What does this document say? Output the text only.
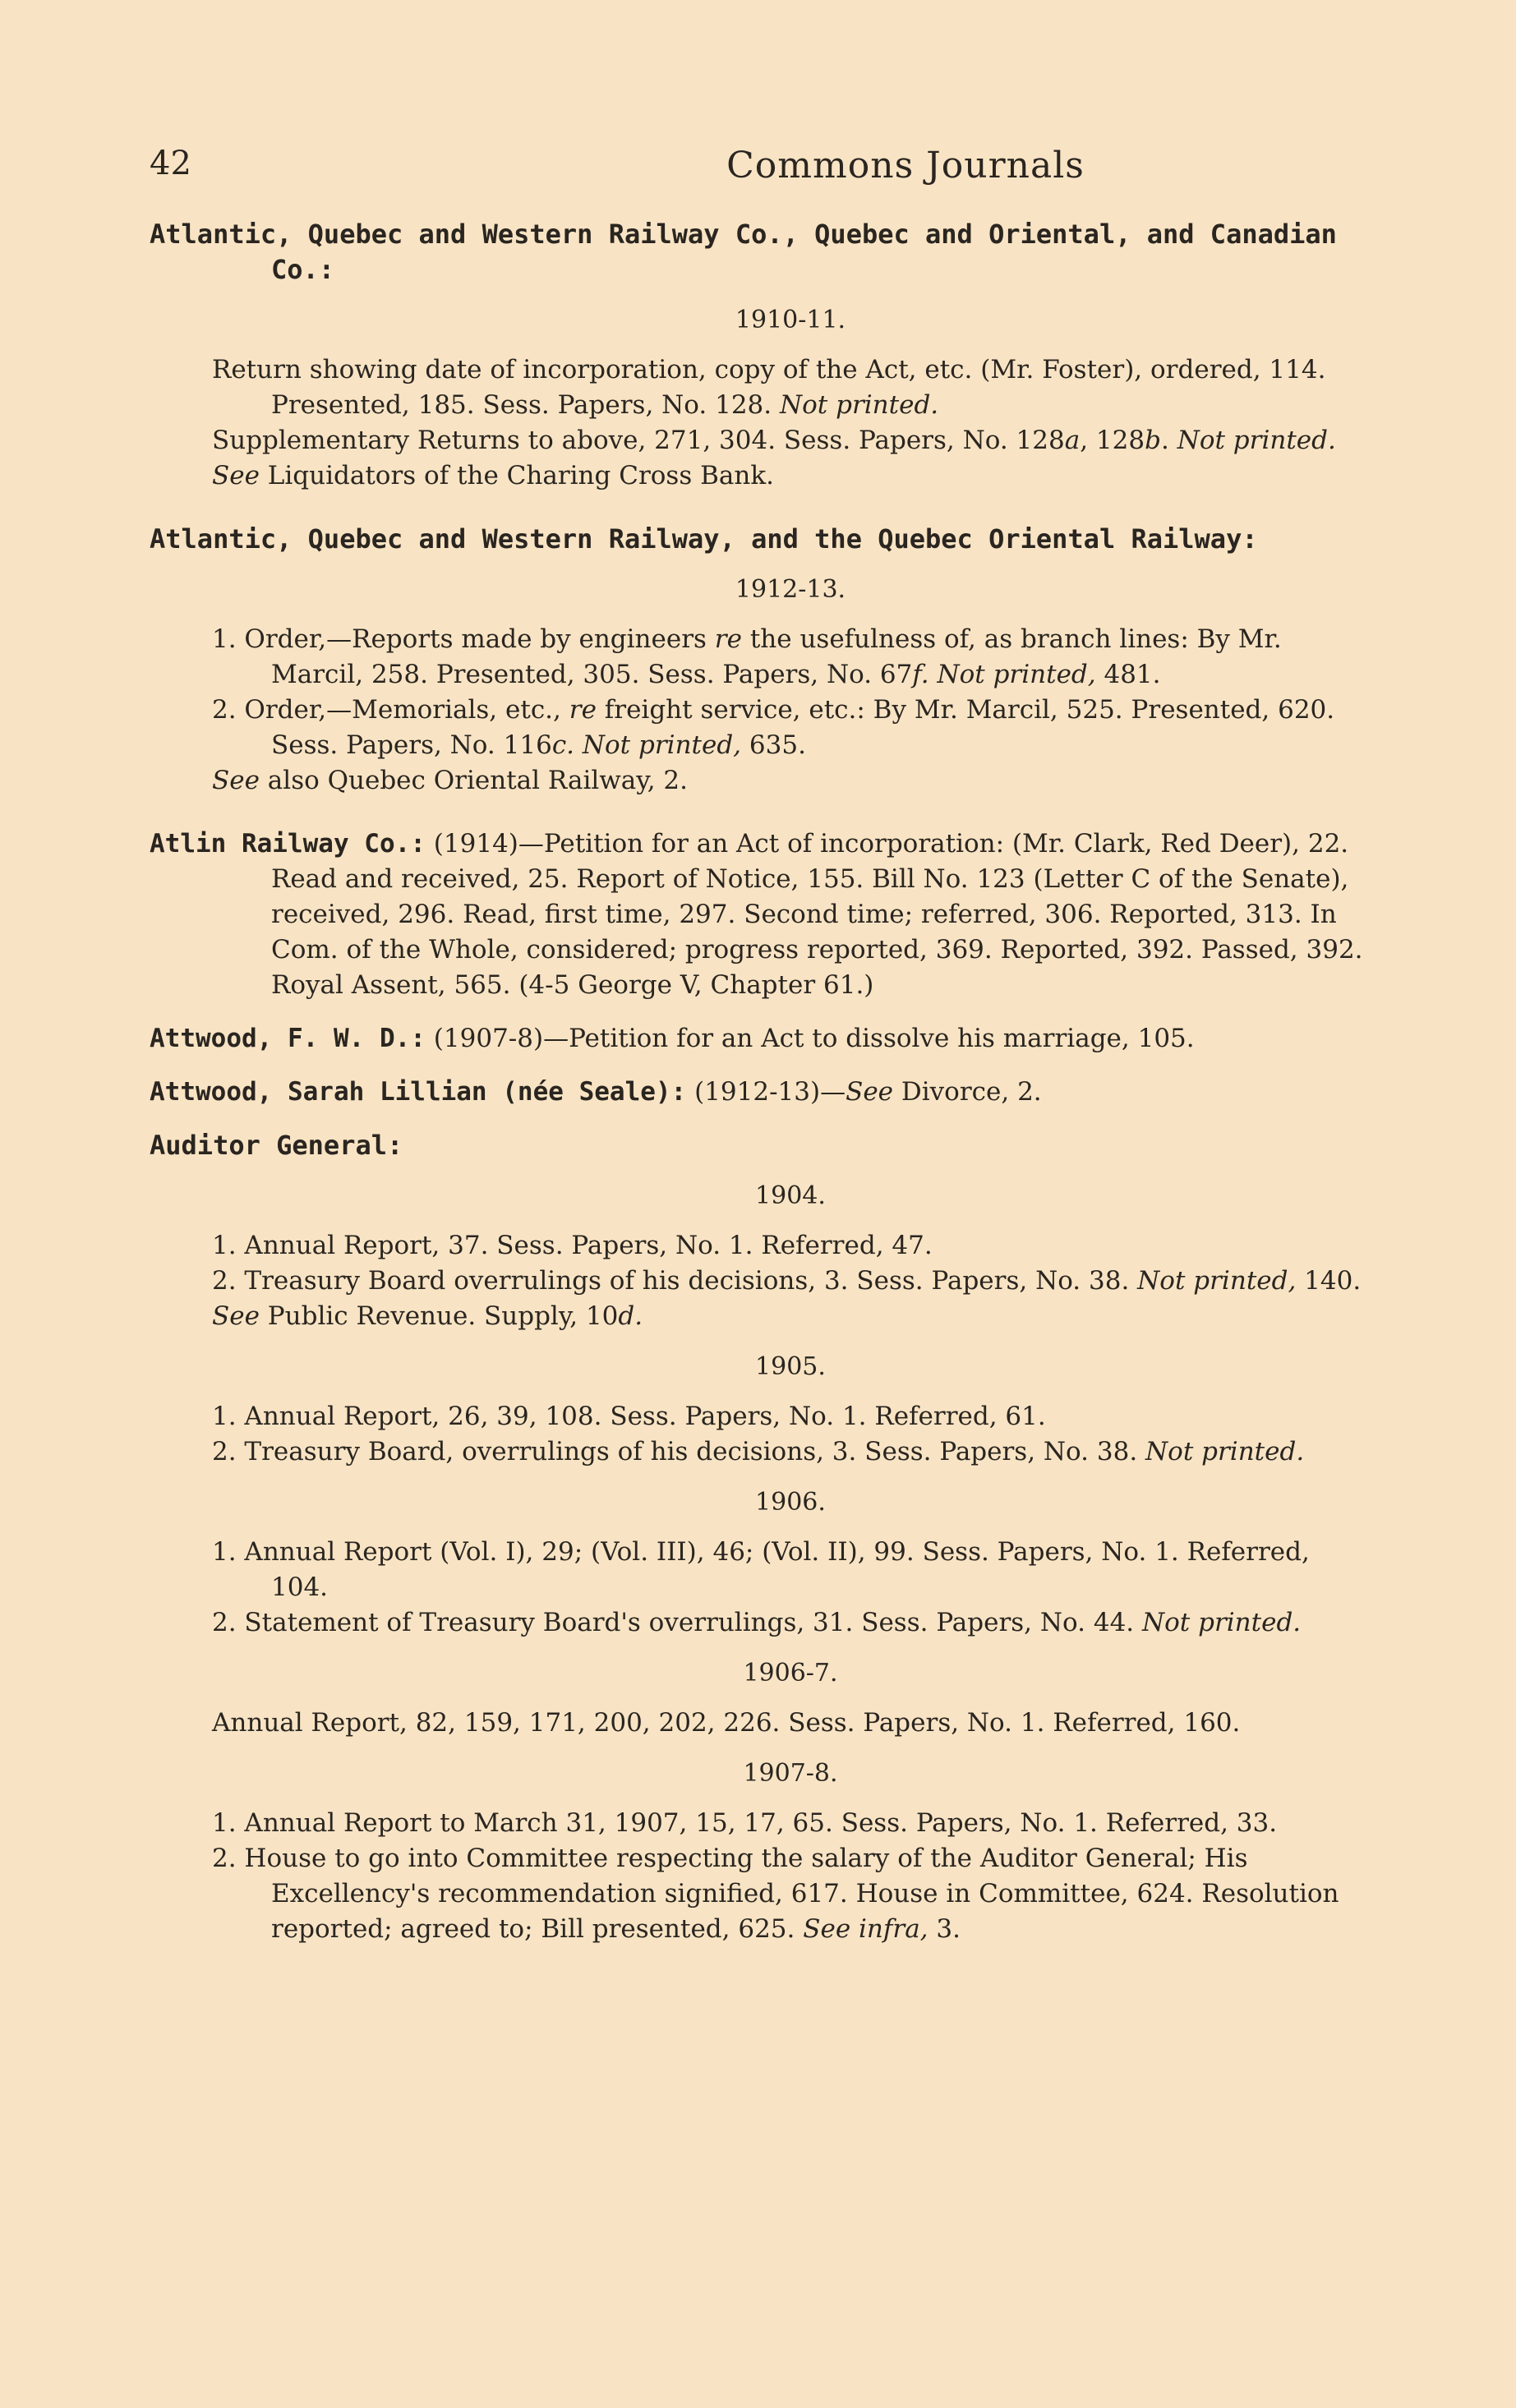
42	Commons Journals

Atlantic, Quebec and Western Railway Co., Quebec and Oriental, and Canadian
Co.:

1910-11.

Return showing date of incorporation, copy of the Act, etc. (Mr. Foster), ordered, 114. Presented, 185. Sess. Papers, No. 128. Not printed.

Supplementary Returns to above, 271, 304. Sess. Papers, No. 128a, 128b. Not printed.

See Liquidators of the Charing Cross Bank.

Atlantic, Quebec and Western Railway, and the Quebec Oriental Railway:

1912-13.

1. Order,—Reports made by engineers re the usefulness of, as branch lines: By Mr. Marcil, 258. Presented, 305. Sess. Papers, No. 67f. Not printed, 481.

2. Order,—Memorials, etc., re freight service, etc.: By Mr. Marcil, 525. Presented, 620. Sess. Papers, No. 116c. Not printed, 635.

See also Quebec Oriental Railway, 2.

Atlin Railway Co.: (1914)—Petition for an Act of incorporation: (Mr. Clark, Red Deer), 22. Read and received, 25. Report of Notice, 155. Bill No. 123 (Letter C of the Senate), received, 296. Read, first time, 297. Second time; referred, 306. Reported, 313. In Com. of the Whole, considered; progress reported, 369. Reported, 392. Passed, 392. Royal Assent, 565. (4-5 George V, Chapter 61.)

Attwood, F. W. D.: (1907-8)—Petition for an Act to dissolve his marriage, 105.

Attwood, Sarah Lillian (née Seale): (1912-13)—See Divorce, 2.

Auditor General:

1904.

1. Annual Report, 37. Sess. Papers, No. 1. Referred, 47.

2. Treasury Board overrulings of his decisions, 3. Sess. Papers, No. 38. Not printed, 140.

See Public Revenue. Supply, 10d.

1905.

1. Annual Report, 26, 39, 108. Sess. Papers, No. 1. Referred, 61.

2. Treasury Board, overrulings of his decisions, 3. Sess. Papers, No. 38. Not printed.

1906.

1. Annual Report (Vol. I), 29; (Vol. III), 46; (Vol. II), 99. Sess. Papers, No. 1. Referred, 104.

2. Statement of Treasury Board's overrulings, 31. Sess. Papers, No. 44. Not printed.

1906-7.

Annual Report, 82, 159, 171, 200, 202, 226. Sess. Papers, No. 1. Referred, 160.

1907-8.

1. Annual Report to March 31, 1907, 15, 17, 65. Sess. Papers, No. 1. Referred, 33.

2. House to go into Committee respecting the salary of the Auditor General; His Excellency's recommendation signified, 617. House in Committee, 624. Resolution reported; agreed to; Bill presented, 625. See infra, 3.
